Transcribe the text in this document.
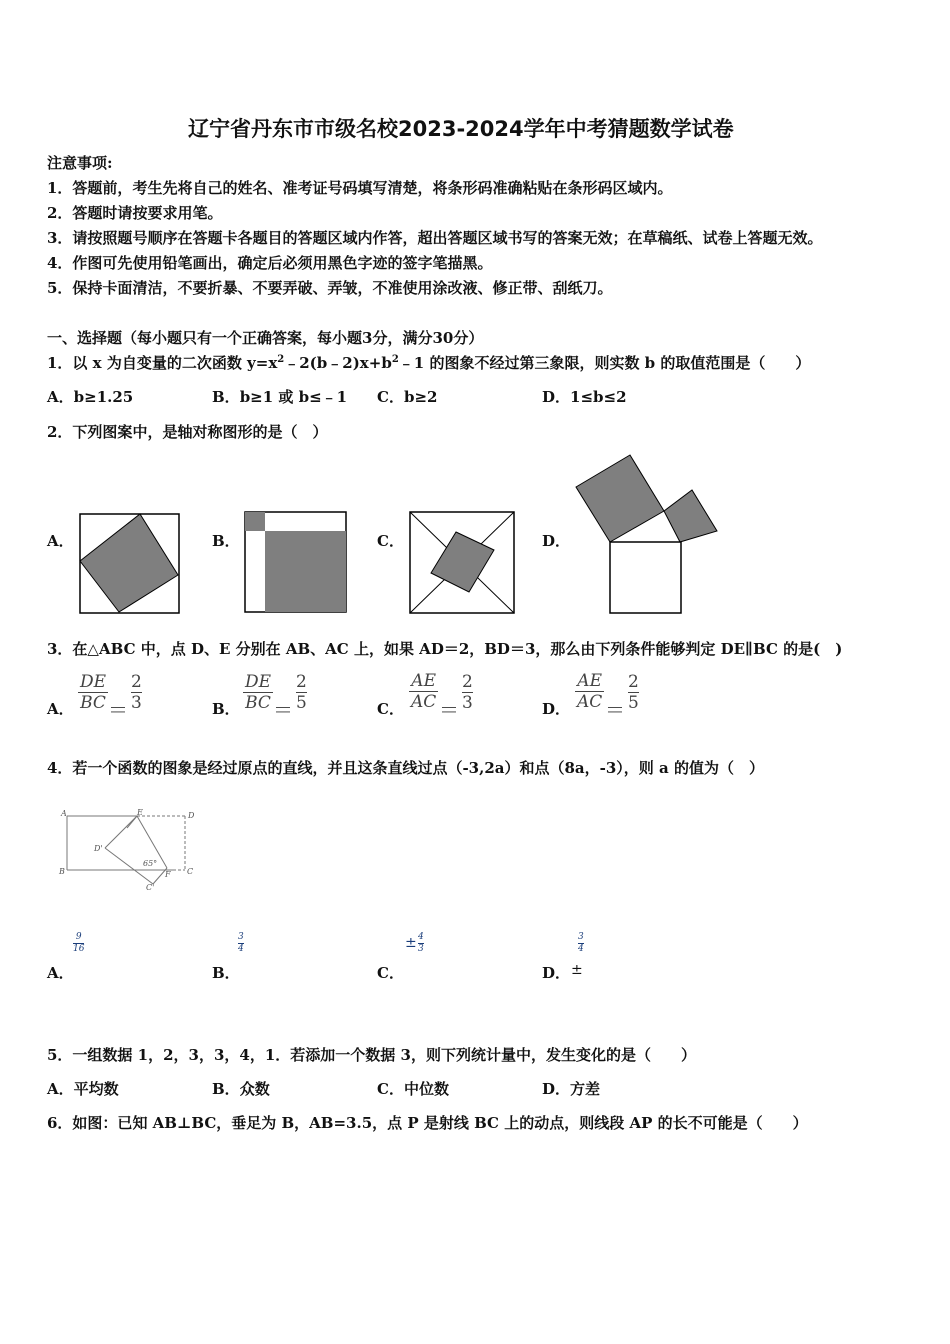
辽宁省丹东市市级名校2023-2024学年中考猜题数学试卷
注意事项:
1．答题前，考生先将自己的姓名、准考证号码填写清楚，将条形码准确粘贴在条形码区域内。
2．答题时请按要求用笔。
3．请按照题号顺序在答题卡各题目的答题区域内作答，超出答题区域书写的答案无效；在草稿纸、试卷上答题无效。
4．作图可先使用铅笔画出，确定后必须用黑色字迹的签字笔描黑。
5．保持卡面清洁，不要折暴、不要弄破、弄皱，不准使用涂改液、修正带、刮纸刀。
一、选择题（每小题只有一个正确答案，每小题3分，满分30分）
1．以 x 为自变量的二次函数 $y=x^2﹣2(b﹣2)x+b^2﹣1$ 的图象不经过第三象限，则实数 b 的取值范围是（　　）
A．b≥1.25	B．b≥1 或 b≤﹣1 C．b≥2	D．1≤b≤2
2．下列图案中，是轴对称图形的是（　）
A．	B．	C．	D．
3．在△ABC 中，点 D、E 分别在 AB、AC 上，如果 AD＝2，BD＝3，那么由下列条件能够判定 DE∥BC 的是(　)
A． $\frac{DE}{BC} = \frac{2}{3}$	B． $\frac{DE}{BC} = \frac{2}{5}$	C． $\frac{AE}{AC} = \frac{2}{3}$	D． $\frac{AE}{AC} = \frac{2}{5}$
4．若一个函数的图象是经过原点的直线，并且这条直线过点（-3,2a）和点（8a，-3），则 a 的值为（　）
A	E	D
D'
65°
B	F C
C'
A．
$\frac{9}{16}$
B．
$\frac{3}{4}$
C．
± $\frac{4}{3}$
D． ±
$\frac{3}{4}$
5．一组数据 1，2，3，3，4，1．若添加一个数据 3，则下列统计量中，发生变化的是（　　）
A．平均数	B．众数	C．中位数	D．方差
6．如图：已知 AB⊥BC，垂足为 B，AB=3.5，点 P 是射线 BC 上的动点，则线段 AP 的长不可能是（　　）
